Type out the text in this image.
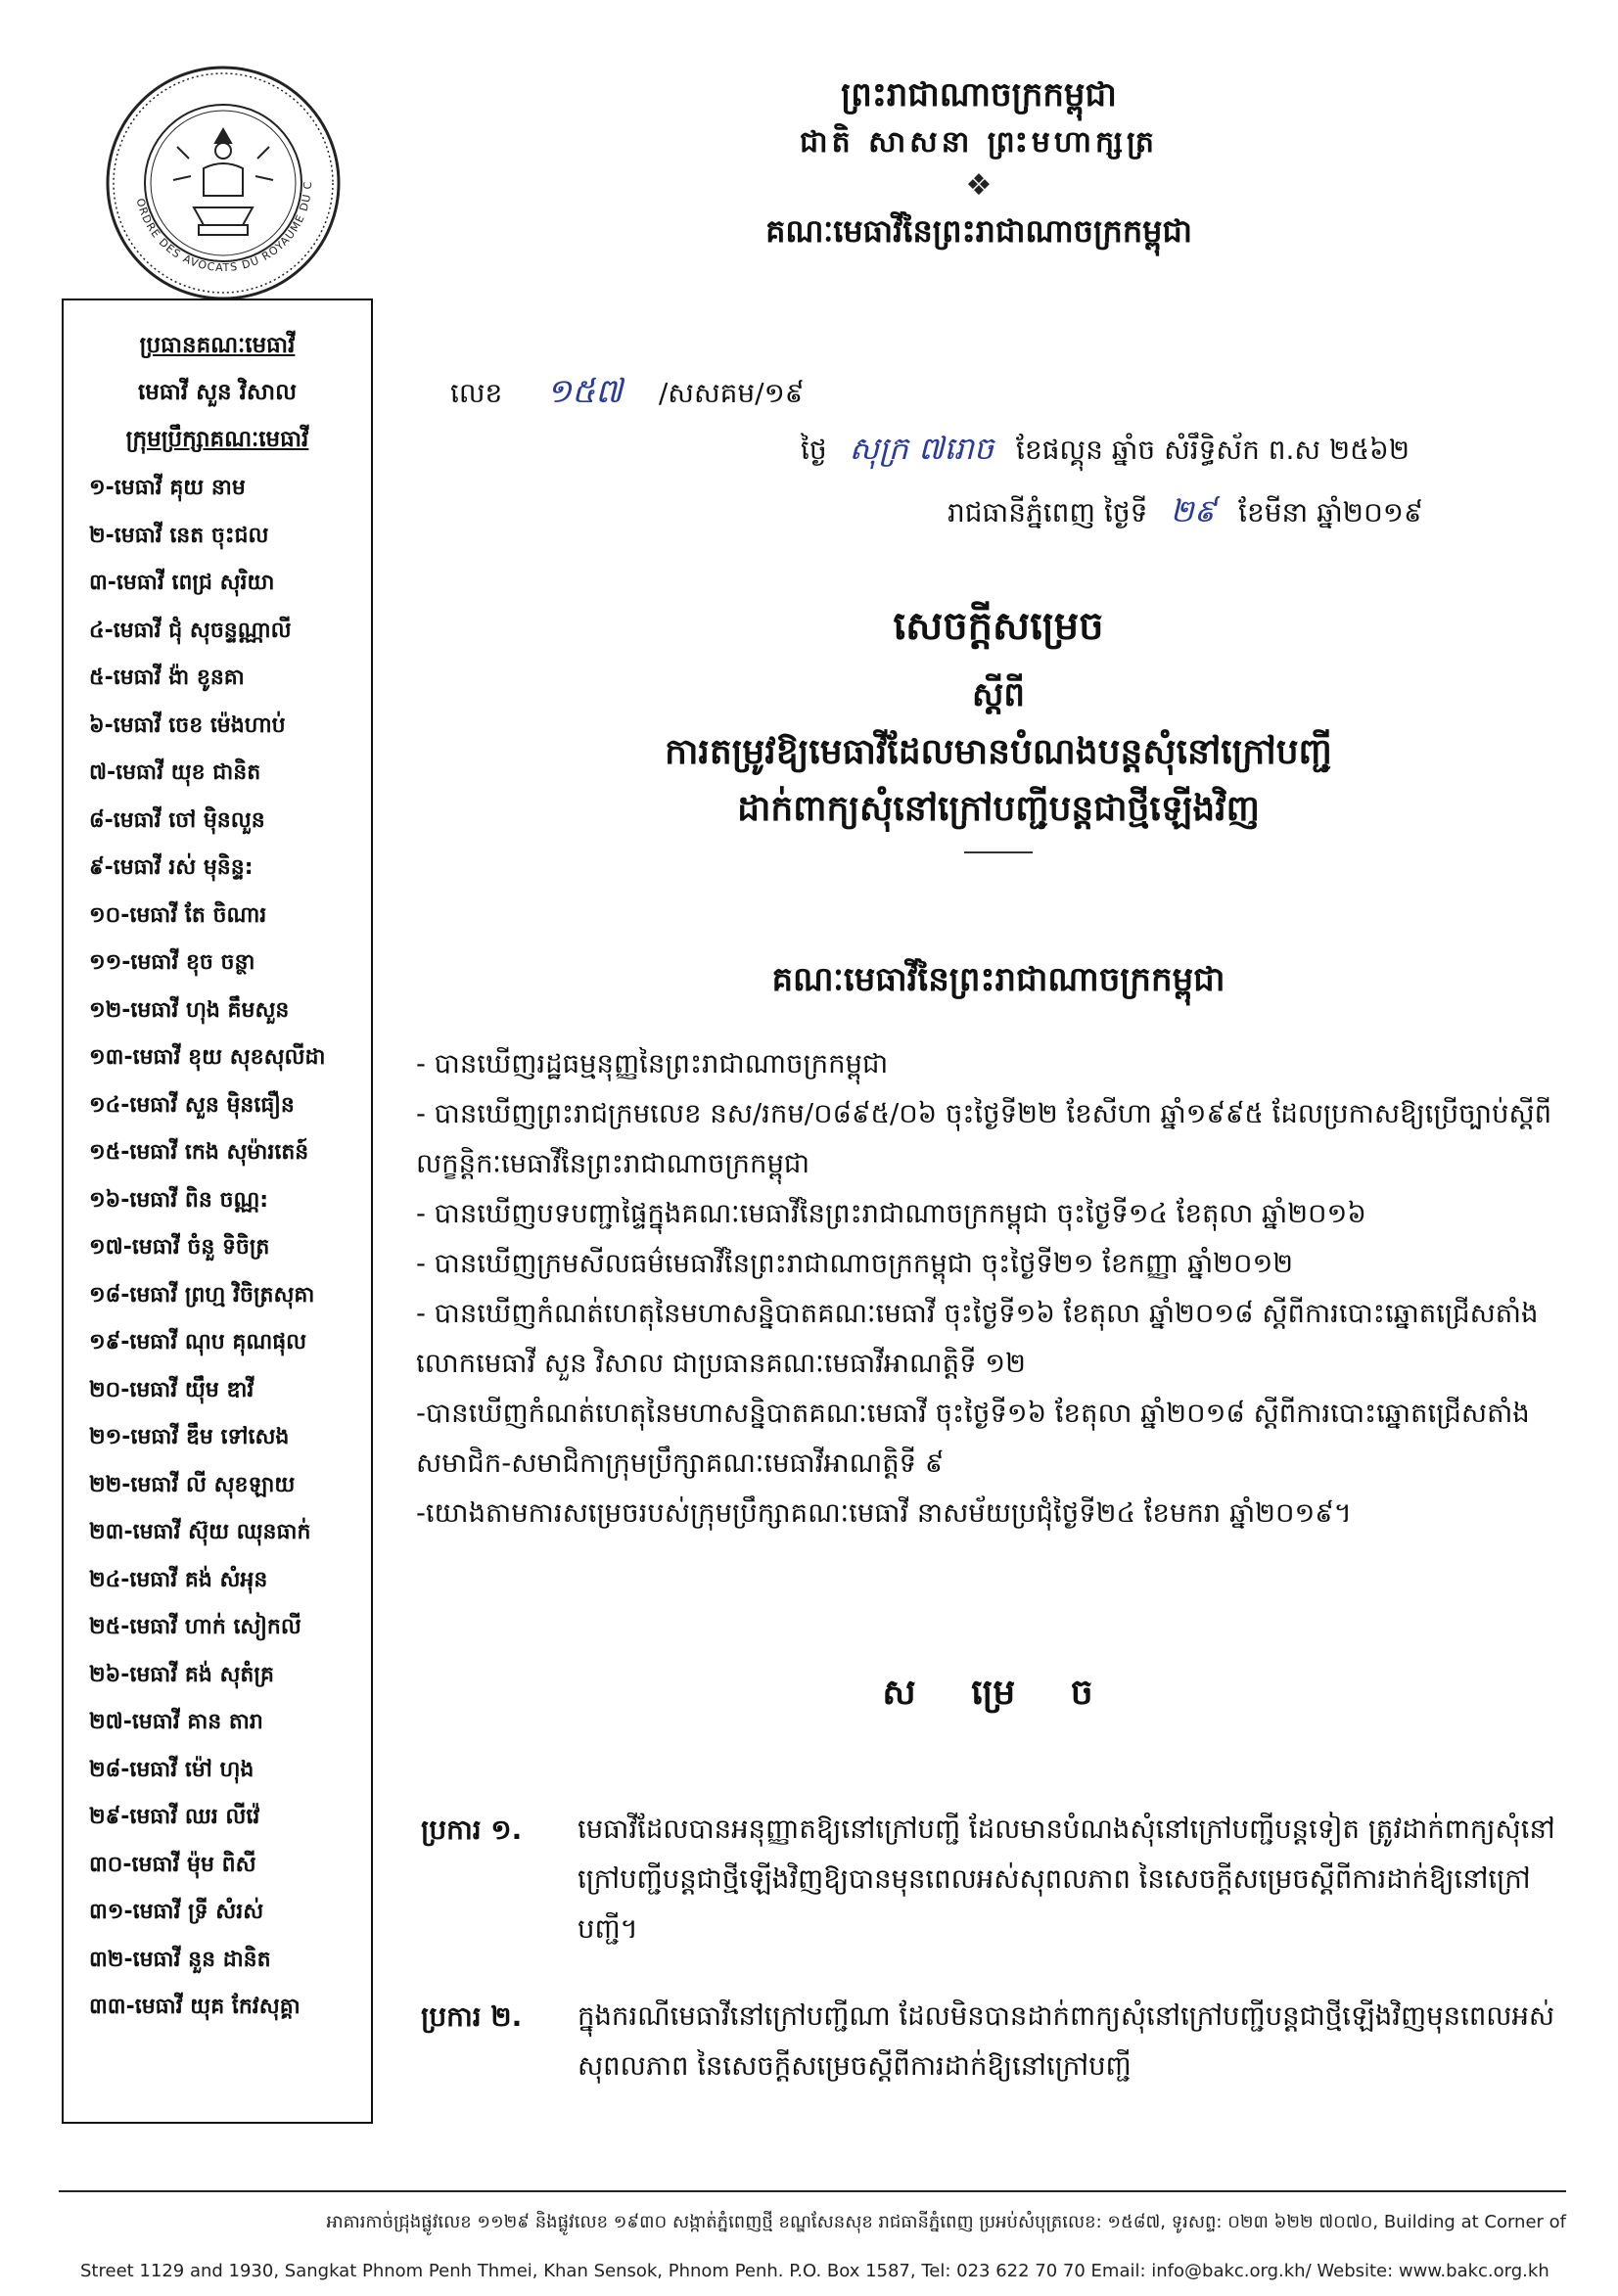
ORDRE DES AVOCATS DU ROYAUME DU C
ព្រះរាជាណាចក្រកម្ពុជា
ជាតិ សាសនា ព្រះមហាក្សត្រ
❖
គណៈមេធាវីនៃព្រះរាជាណាចក្រកម្ពុជា
ប្រធានគណៈមេធាវី
មេធាវី សួន វិសាល
ក្រុមប្រឹក្សាគណៈមេធាវី
១-មេធាវី គុយ នាម
២-មេធាវី នេត ចុះជល
៣-មេធាវី ពេជ្រ សុរិយា
៤-មេធាវី ជុំ សុចន្ទណ្ណាលី
៥-មេធាវី ង៉ា ខូនគា
៦-មេធាវី ចេខ ម៉េងហាប់
៧-មេធាវី យុខ ជានិត
៨-មេធាវី ចៅ ម៉ិនលួន
៩-មេធាវី រស់ មុនិន្ទ:
១០-មេធាវី តែ ចិណារ
១១-មេធាវី ខុច ចន្ថា
១២-មេធាវី ហុង គឹមសួន
១៣-មេធាវី ខុយ សុខសុលីដា
១៤-មេធាវី សួន ម៉ិនធឿន
១៥-មេធាវី កេង សុម៉ារតេន៍
១៦-មេធាវី ពិន ចណ្ណ:
១៧-មេធាវី ចំនួ ទិចិត្រ
១៨-មេធាវី ព្រហ្ម វិចិត្រសុគា
១៩-មេធាវី ណុប គុណផុល
២០-មេធាវី យ៉ឹម ឌាវី
២១-មេធាវី ឌឹម ទៅសេង
២២-មេធាវី លី សុខឡាយ
២៣-មេធាវី ស៊ុយ ឈុនធាក់
២៤-មេធាវី គង់ សំអុន
២៥-មេធាវី ហាក់ សៀកលី
២៦-មេធាវី គង់ សុតំគ្រ
២៧-មេធាវី គាន តារា
២៨-មេធាវី ម៉ៅ ហុង
២៩-មេធាវី ឈរ លីវ៉េ
៣០-មេធាវី ម៉ុម ពិសី
៣១-មេធាវី ទ្រី សំរស់
៣២-មេធាវី នួន ដានិត
៣៣-មេធាវី យុគ កែវសុគ្គា
លេខ ១៥៧ /សសគម/១៩
ថ្ងៃ សុក្រ ៧រោច ខែផល្គុន ឆ្នាំច សំរឹទ្ធិស័ក ព.ស ២៥៦២
រាជធានីភ្នំពេញ ថ្ងៃទី ២៩ ខែមីនា ឆ្នាំ២០១៩
សេចក្តីសម្រេច
ស្តីពី
ការតម្រូវឱ្យមេធាវីដែលមានបំណងបន្តសុំនៅក្រៅបញ្ជី
ដាក់ពាក្យសុំនៅក្រៅបញ្ជីបន្តជាថ្មីឡើងវិញ
គណៈមេធាវីនៃព្រះរាជាណាចក្រកម្ពុជា

- បានឃើញរដ្ឋធម្មនុញ្ញនៃព្រះរាជាណាចក្រកម្ពុជា

- បានឃើញព្រះរាជក្រមលេខ នស/រកម/០៨៩៥/០៦ ចុះថ្ងៃទី២២ ខែសីហា ឆ្នាំ១៩៩៥ ដែលប្រកាសឱ្យប្រើច្បាប់ស្តីពីលក្ខន្តិកៈមេធាវីនៃព្រះរាជាណាចក្រកម្ពុជា

- បានឃើញបទបញ្ជាផ្ទៃក្នុងគណៈមេធាវីនៃព្រះរាជាណាចក្រកម្ពុជា ចុះថ្ងៃទី១៤ ខែតុលា ឆ្នាំ២០១៦

- បានឃើញក្រមសីលធម៌មេធាវីនៃព្រះរាជាណាចក្រកម្ពុជា ចុះថ្ងៃទី២១ ខែកញ្ញា ឆ្នាំ២០១២

- បានឃើញកំណត់ហេតុនៃមហាសន្និបាតគណៈមេធាវី ចុះថ្ងៃទី១៦ ខែតុលា ឆ្នាំ២០១៨ ស្តីពីការបោះឆ្នោតជ្រើសតាំងលោកមេធាវី សួន វិសាល ជាប្រធានគណៈមេធាវីអាណត្តិទី ១២

-បានឃើញកំណត់ហេតុនៃមហាសន្និបាតគណៈមេធាវី ចុះថ្ងៃទី១៦ ខែតុលា ឆ្នាំ២០១៨ ស្តីពីការបោះឆ្នោតជ្រើសតាំងសមាជិក-សមាជិកាក្រុមប្រឹក្សាគណៈមេធាវីអាណត្តិទី ៩

-យោងតាមការសម្រេចរបស់ក្រុមប្រឹក្សាគណៈមេធាវី នាសម័យប្រជុំថ្ងៃទី២៤ ខែមករា ឆ្នាំ២០១៩។

ស ម្រេ ច
ប្រការ ១. មេធាវីដែលបានអនុញ្ញាតឱ្យនៅក្រៅបញ្ជី ដែលមានបំណងសុំនៅក្រៅបញ្ជីបន្តទៀត ត្រូវដាក់ពាក្យសុំនៅក្រៅបញ្ជីបន្តជាថ្មីឡើងវិញឱ្យបានមុនពេលអស់សុពលភាព នៃសេចក្តីសម្រេចស្តីពីការដាក់ឱ្យនៅក្រៅបញ្ជី។
ប្រការ ២. ក្នុងករណីមេធាវីនៅក្រៅបញ្ជីណា ដែលមិនបានដាក់ពាក្យសុំនៅក្រៅបញ្ជីបន្តជាថ្មីឡើងវិញមុនពេលអស់សុពលភាព នៃសេចក្តីសម្រេចស្តីពីការដាក់ឱ្យនៅក្រៅបញ្ជី
អាគារកាច់ជ្រុងផ្លូវលេខ ១១២៩ និងផ្លូវលេខ ១៩៣០ សង្កាត់ភ្នំពេញថ្មី ខណ្ឌសែនសុខ រាជធានីភ្នំពេញ ប្រអប់សំបុត្រលេខ: ១៥៨៧, ទូរសព្ទ: ០២៣ ៦២២ ៧០៧០, Building at Corner of
Street 1129 and 1930, Sangkat Phnom Penh Thmei, Khan Sensok, Phnom Penh. P.O. Box 1587, Tel: 023 622 70 70 Email: info@bakc.org.kh/ Website: www.bakc.org.kh
